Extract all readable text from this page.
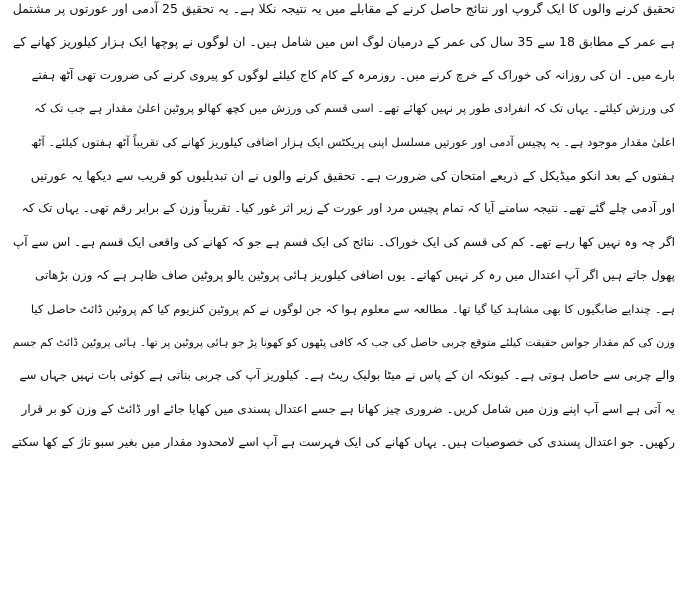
تحقیق کرنے والوں کا ایک گروپ اور نتائج حاصل کرنے کے مقابلے میں یہ نتیجہ نکلا ہے۔ یہ تحقیق 25 آدمی اور عورتوں پر مشتمل
ہے عمر کے مطابق 18 سے 35 سال کی عمر کے درمیان لوگ اس میں شامل ہیں۔ ان لوگوں نے پوچھا ایک ہزار کیلوریز کھانے کے
بارے میں۔ ان کی روزانہ کی خوراک کے خرچ کرنے میں۔ روزمرہ کے کام کاج کیلئے لوگوں کو پیروی کرنے کی ضرورت تھی آٹھ ہفتے
کی ورزش کیلئے۔ یہاں تک کہ انفرادی طور پر نہیں کھائے تھے۔ اسی قسم کی ورزش میں کچھ کھالو پروٹین اعلیٰ مقدار ہے جب تک کہ
اعلیٰ مقدار موجود ہے۔ یہ پچیس آدمی اور عورتیں مسلسل اپنی پریکٹس ایک ہزار اضافی کیلوریز کھانے کی تقریباً آٹھ ہفتوں کیلئے۔ آٹھ
ہفتوں کے بعد انکو میڈیکل کے ذریعے امتحان کی ضرورت ہے۔ تحقیق کرنے والوں نے ان تبدیلیوں کو قریب سے دیکھا یہ عورتیں
اور آدمی چلے گئے تھے۔ نتیجہ سامنے آیا کہ تمام پچیس مرد اور عورت کے زیر اثر غور کیا۔ تقریباً وزن کے برابر رقم تھی۔ یہاں تک کہ
اگر چہ وہ نہیں کھا رہے تھے۔ کم کی قسم کی ایک خوراک۔ نتائج کی ایک قسم ہے جو کہ کھانے کی واقعی ایک قسم ہے۔ اس سے آپ
پھول جاتے ہیں اگر آپ اعتدال میں رہ کر نہیں کھاتے۔ یوں اضافی کیلوریز ہائی پروٹین یالو پروٹین صاف ظاہر ہے کہ وزن بڑھاتی
ہے۔ چندایے ضابگیوں کا بھی مشاہد کیا گیا تھا۔ مطالعہ سے معلوم ہوا کہ جن لوگوں نے کم پروٹین کنزیوم کیا کم پروٹین ڈائٹ حاصل کیا
وزن کی کم مقدار جواس حقیقت کیلئے متوقع چربی حاصل کی جب کہ کافی پٹھوں کو کھونا پڑ جو ہائی پروٹین پر تھا۔ ہائی پروٹین ڈائٹ کم جسم
والے چربی سے حاصل ہوتی ہے۔ کیونکہ ان کے پاس نے میٹا بولیک ریٹ ہے۔ کیلوریز آپ کی چربی بناتی ہے کوئی بات نہیں جہاں سے
یہ آتی ہے اسے آپ اپنے وزن میں شامل کریں۔ ضروری چیز کھانا ہے جسے اعتدال پسندی میں کھایا جائے اور ڈائٹ کے وزن کو بر قرار
رکھیں۔ جو اعتدال پسندی کی خصوصیات ہیں۔ یہاں کھانے کی ایک فہرست ہے آپ اسے لامحدود مقدار میں بغیر سبو تاژ کے کھا سکتے
